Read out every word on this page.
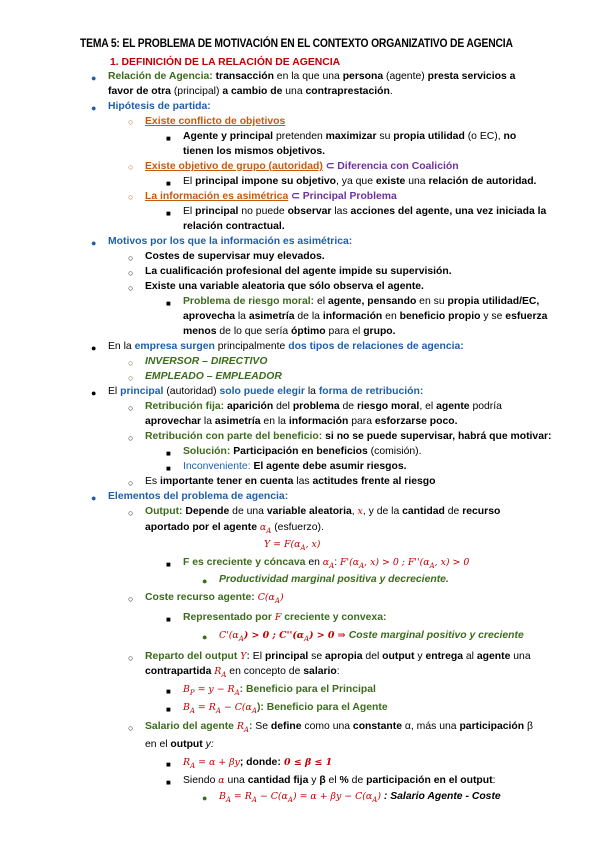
TEMA 5: EL PROBLEMA DE MOTIVACIÓN EN EL CONTEXTO ORGANIZATIVO DE AGENCIA
1. DEFINICIÓN DE LA RELACIÓN DE AGENCIA
●
Relación de Agencia: transacción en la que una persona (agente) presta servicios a
favor de otra (principal) a cambio de una contraprestación.
●
Hipótesis de partida:
○
Existe conflicto de objetivos
■
Agente y principal pretenden maximizar su propia utilidad (o EC), no
tienen los mismos objetivos.
○
Existe objetivo de grupo (autoridad) ⊂ Diferencia con Coalición
■
El principal impone su objetivo, ya que existe una relación de autoridad.
○
La información es asimétrica ⊂ Principal Problema
■
El principal no puede observar las acciones del agente, una vez iniciada la
relación contractual.
●
Motivos por los que la información es asimétrica:
○
Costes de supervisar muy elevados.
○
La cualificación profesional del agente impide su supervisión.
○
Existe una variable aleatoria que sólo observa el agente.
■
Problema de riesgo moral: el agente, pensando en su propia utilidad/EC,
aprovecha la asimetría de la información en beneficio propio y se esfuerza
menos de lo que sería óptimo para el grupo.
●
En la empresa surgen principalmente dos tipos de relaciones de agencia:
○
INVERSOR – DIRECTIVO
○
EMPLEADO – EMPLEADOR
●
El principal (autoridad) solo puede elegir la forma de retribución:
○
Retribución fija: aparición del problema de riesgo moral, el agente podría
aprovechar la asimetría en la información para esforzarse poco.
○
Retribución con parte del beneficio: si no se puede supervisar, habrá que motivar:
■
Solución: Participación en beneficios (comisión).
■
Inconveniente: El agente debe asumir riesgos.
○
Es importante tener en cuenta las actitudes frente al riesgo
●
Elementos del problema de agencia:
○
Output: Depende de una variable aleatoria, x, y de la cantidad de recurso
aportado por el agente $\alpha_A$ (esfuerzo).
$Y = F(\alpha_A$, x)
■
F es creciente y cóncava en $\alpha_A$: $F'(\alpha_A$, x) > 0 ; $F''(\alpha_A$, x) > 0
●
Productividad marginal positiva y decreciente.
○
Coste recurso agente: $C(\alpha_A)$
■
Representado por F creciente y convexa:
●
$C'(\alpha_A) > 0$ ; $C''(\alpha_A) > 0$ ⇒ Coste marginal positivo y creciente
○
Reparto del output Y: El principal se apropia del output y entrega al agente una
contrapartida $R_A$ en concepto de salario:
■
$B_P = y - R_A$: Beneficio para el Principal
■
$B_A = R_A - C(\alpha_A)$: Beneficio para el Agente
○
Salario del agente $R_A$: Se define como una constante α, más una participación β
en el output y:
■
$R_A = \alpha + \beta y$; donde: 0 ≤ β ≤ 1
■
Siendo α una cantidad fija y β el % de participación en el output:
●
$B_A = R_A - C(\alpha_A) = \alpha + \beta y - C(\alpha_A)$ : Salario Agente - Coste
